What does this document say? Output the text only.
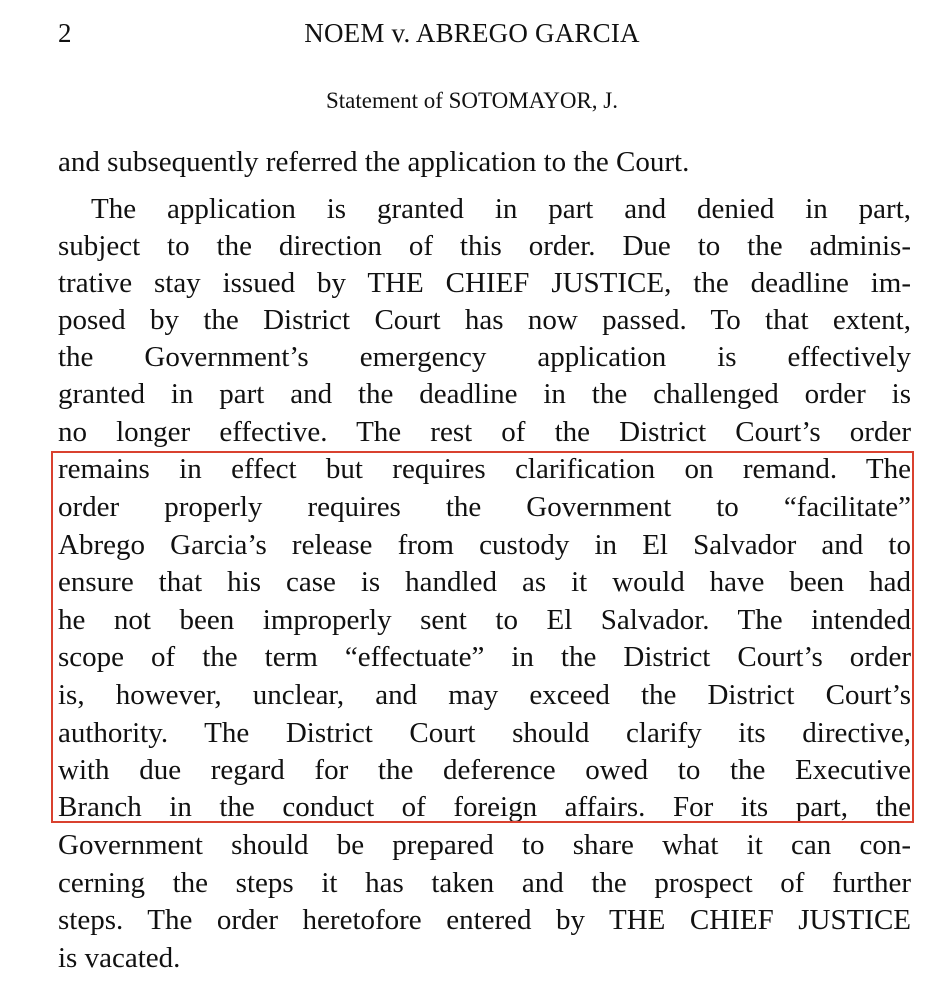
2	NOEM v. ABREGO GARCIA
Statement of SOTOMAYOR, J.
and subsequently referred the application to the Court.
The application is granted in part and denied in part,
subject to the direction of this order. Due to the adminis-
trative stay issued by THE CHIEF JUSTICE, the deadline im-
posed by the District Court has now passed. To that extent,
the Government’s emergency application is effectively
granted in part and the deadline in the challenged order is
no longer effective. The rest of the District Court’s order
remains in effect but requires clarification on remand. The
order properly requires the Government to “facilitate”
Abrego Garcia’s release from custody in El Salvador and to
ensure that his case is handled as it would have been had
he not been improperly sent to El Salvador. The intended
scope of the term “effectuate” in the District Court’s order
is, however, unclear, and may exceed the District Court’s
authority. The District Court should clarify its directive,
with due regard for the deference owed to the Executive
Branch in the conduct of foreign affairs. For its part, the
Government should be prepared to share what it can con-
cerning the steps it has taken and the prospect of further
steps. The order heretofore entered by THE CHIEF JUSTICE
is vacated.
